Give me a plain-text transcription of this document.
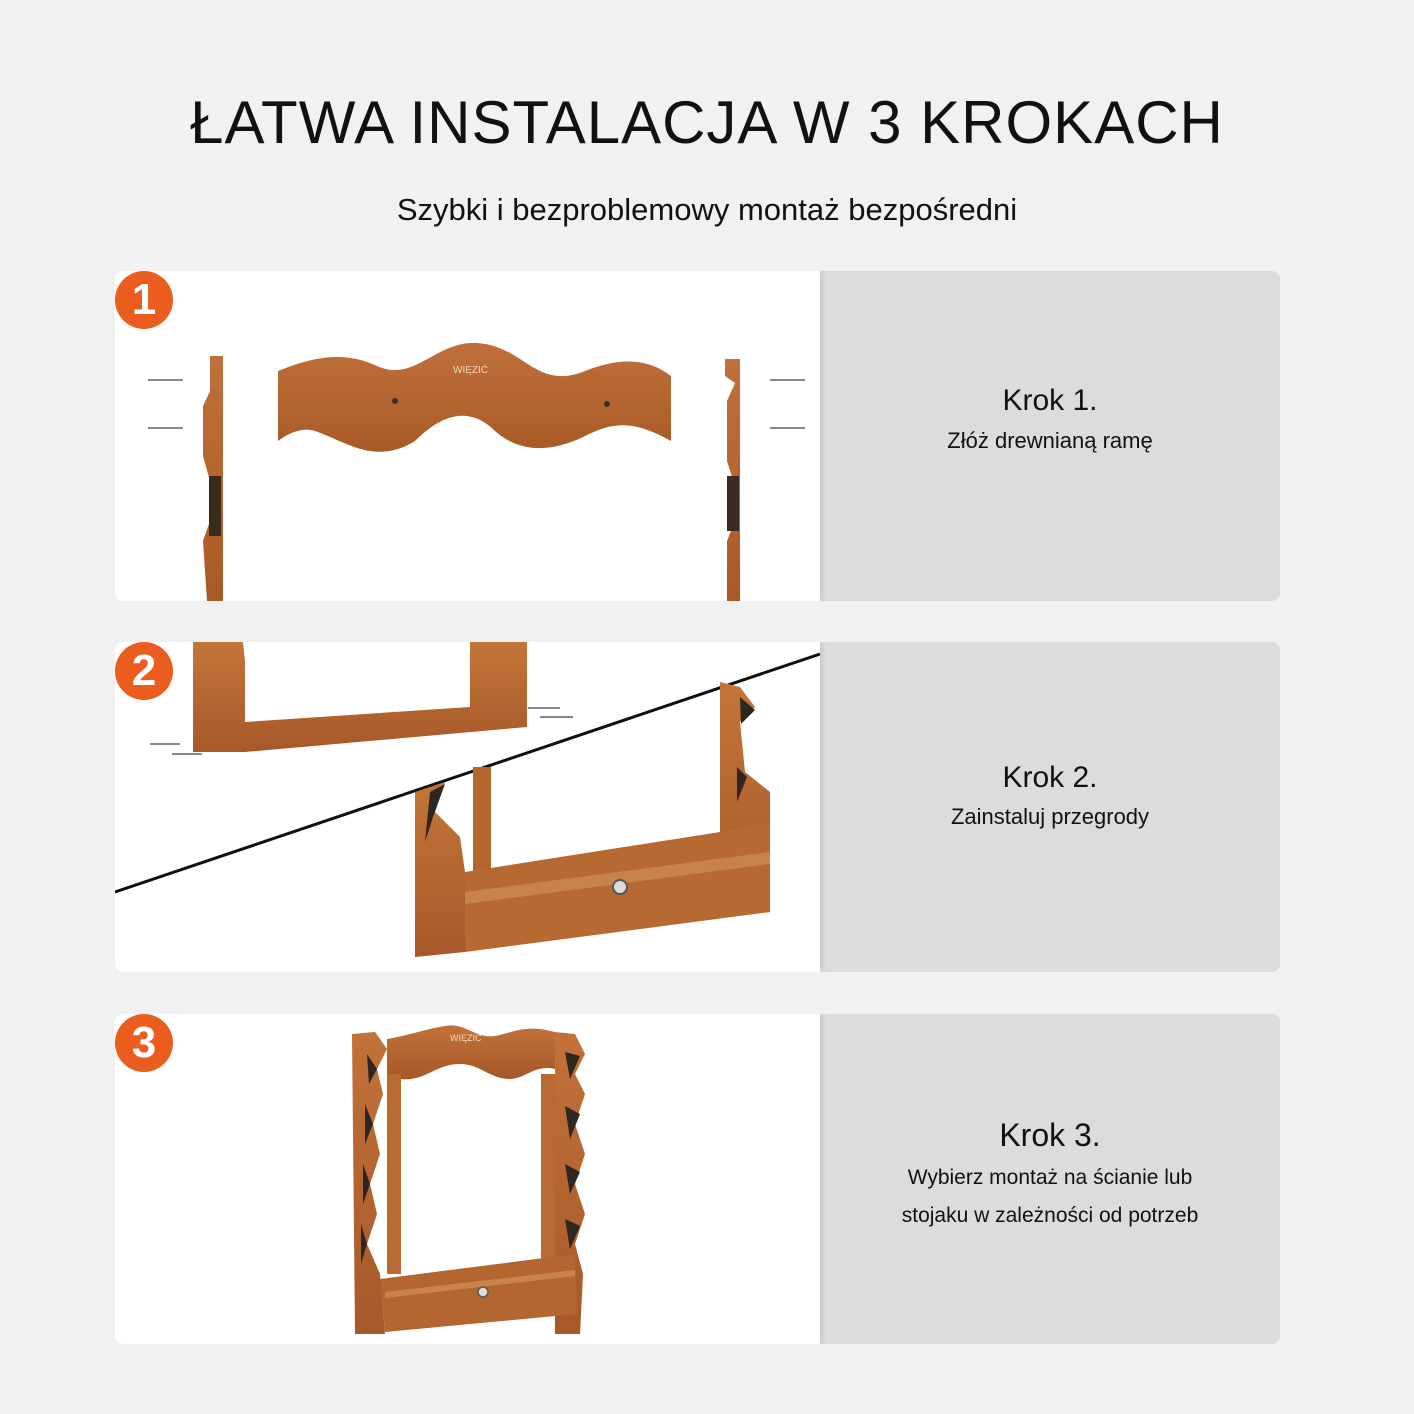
ŁATWA INSTALACJA W 3 KROKACH
Szybki i bezproblemowy montaż bezpośredni
WIĘZIĆ
1
Krok 1.
Złóż drewnianą ramę
2
Krok 2.
Zainstaluj przegrody
WIĘZIĆ
3
Krok 3.
Wybierz montaż na ścianie lub
stojaku w zależności od potrzeb
